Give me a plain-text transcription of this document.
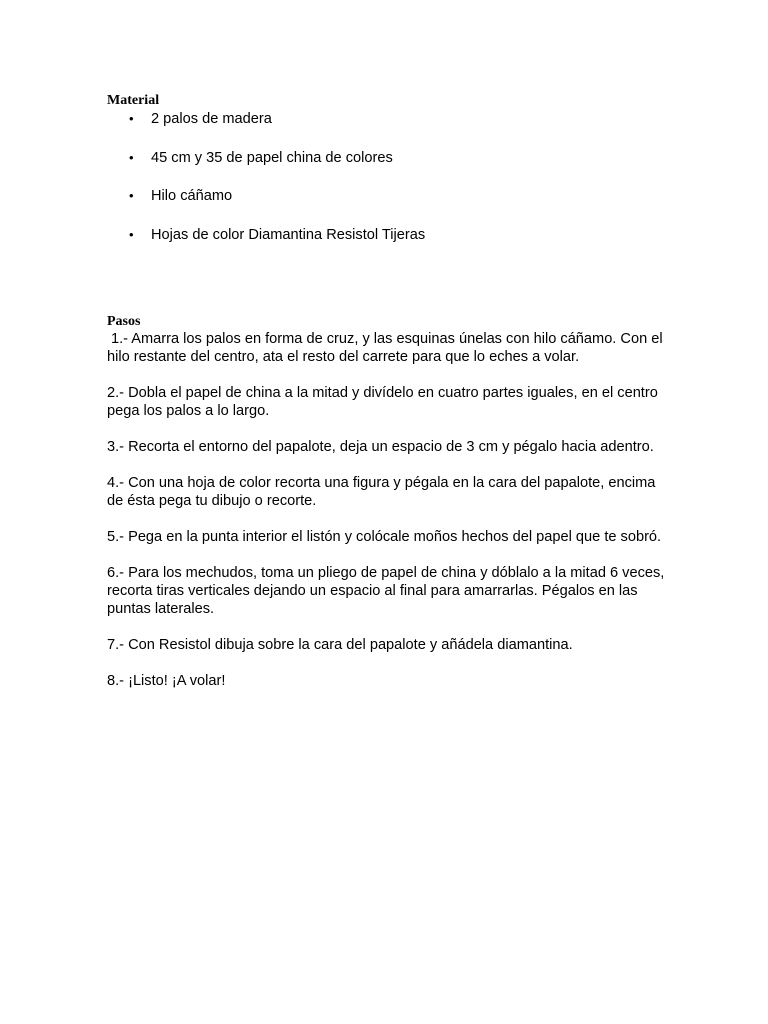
Material
•	2 palos de madera
•	45 cm y 35 de papel china de colores
•	Hilo cáñamo
•	Hojas de color Diamantina Resistol Tijeras
Pasos

1.- Amarra los palos en forma de cruz, y las esquinas únelas con hilo cáñamo. Con el hilo restante del centro, ata el resto del carrete para que lo eches a volar.

2.- Dobla el papel de china a la mitad y divídelo en cuatro partes iguales, en el centro pega los palos a lo largo.

3.- Recorta el entorno del papalote, deja un espacio de 3 cm y pégalo hacia adentro.

4.- Con una hoja de color recorta una figura y pégala en la cara del papalote, encima de ésta pega tu dibujo o recorte.

5.- Pega en la punta interior el listón y colócale moños hechos del papel que te sobró.

6.- Para los mechudos, toma un pliego de papel de china y dóblalo a la mitad 6 veces, recorta tiras verticales dejando un espacio al final para amarrarlas. Pégalos en las puntas laterales.

7.- Con Resistol dibuja sobre la cara del papalote y añádela diamantina.

8.- ¡Listo! ¡A volar!
